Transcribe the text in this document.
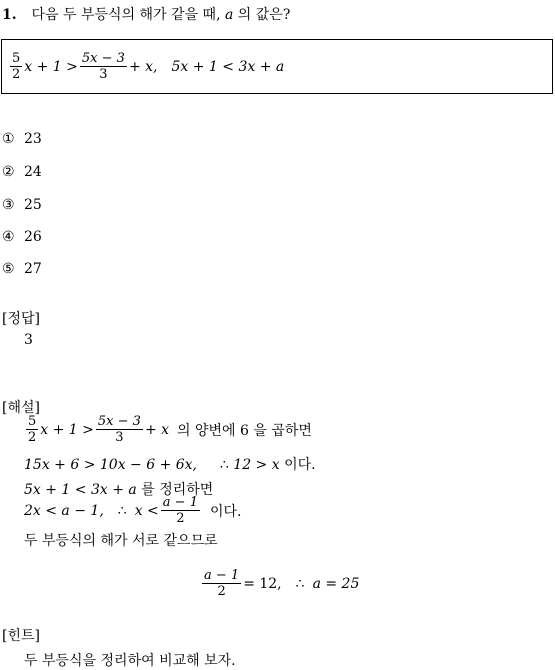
1. 다음 두 부등식의 해가 같을 때, a 의 값은?
$\frac{5}{2}$ $x + 1 > \frac{5x - 3}{3} + x$, 5x + 1 < 3x + a
① 23
② 24
③ 25
④ 26
⑤ 27
[정답]
3
[해설]
$\frac{5}{2}$ $x + 1 > \frac{5x - 3}{3} + x$ 의 양변에 6 을 곱하면
15x + 6 > 10x − 6 + 6x, ∴ 12 > x 이다.
5x + 1 < 3x + a 를 정리하면
2x < a − 1, ∴ $x < \frac{a - 1}{2}$ 이다.
두 부등식의 해가 서로 같으므로
$\frac{a - 1}{2} = 12$, ∴ a = 25
[힌트]
두 부등식을 정리하여 비교해 보자.
